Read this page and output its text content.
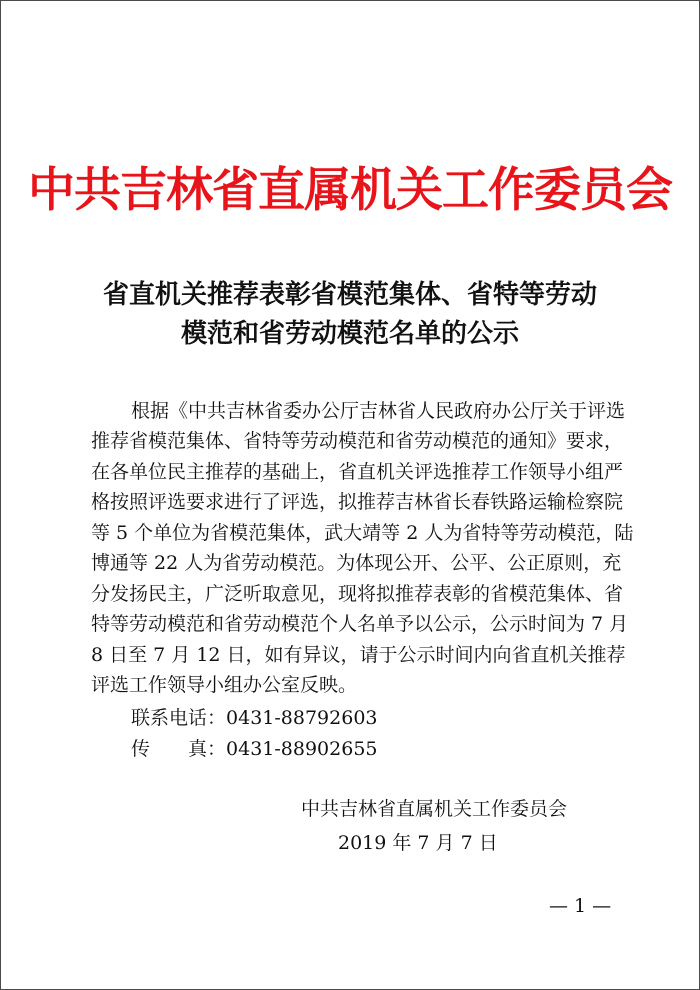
中共吉林省直属机关工作委员会
省直机关推荐表彰省模范集体、省特等劳动
模范和省劳动模范名单的公示
根据《中共吉林省委办公厅吉林省人民政府办公厅关于评选
推荐省模范集体、省特等劳动模范和省劳动模范的通知》要求，
在各单位民主推荐的基础上，省直机关评选推荐工作领导小组严
格按照评选要求进行了评选，拟推荐吉林省长春铁路运输检察院
等 5 个单位为省模范集体，武大靖等 2 人为省特等劳动模范，陆
博通等 22 人为省劳动模范。为体现公开、公平、公正原则，充
分发扬民主，广泛听取意见，现将拟推荐表彰的省模范集体、省
特等劳动模范和省劳动模范个人名单予以公示，公示时间为 7 月
8 日至 7 月 12 日，如有异议，请于公示时间内向省直机关推荐
评选工作领导小组办公室反映。
联系电话：0431-88792603
传　　真：0431-88902655
中共吉林省直属机关工作委员会
2019 年 7 月 7 日
— 1 —
